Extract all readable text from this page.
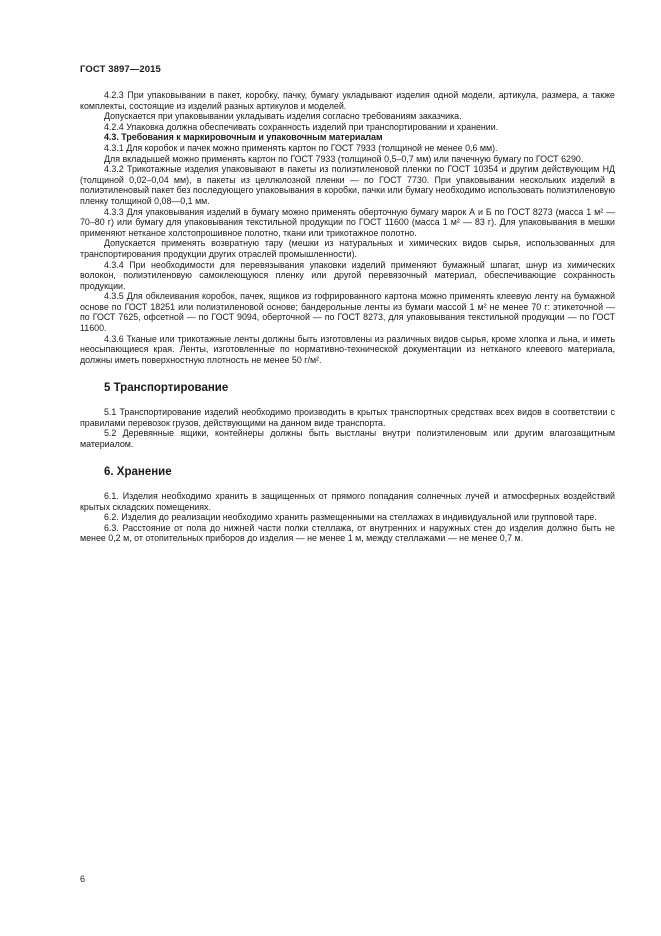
ГОСТ 3897—2015

4.2.3 При упаковывании в пакет, коробку, пачку, бумагу укладывают изделия одной модели, артикула, размера, а также комплекты, состоящие из изделий разных артикулов и моделей.

Допускается при упаковывании укладывать изделия согласно требованиям заказчика.

4.2.4 Упаковка должна обеспечивать сохранность изделий при транспортировании и хранении.

4.3. Требования к маркировочным и упаковочным материалам

4.3.1 Для коробок и пачек можно применять картон по ГОСТ 7933 (толщиной не менее 0,6 мм).

Для вкладышей можно применять картон по ГОСТ 7933 (толщиной 0,5–0,7 мм) или пачечную бумагу по ГОСТ 6290.

4.3.2 Трикотажные изделия упаковывают в пакеты из полиэтиленовой пленки по ГОСТ 10354 и другим действующим НД (толщиной 0,02–0,04 мм), в пакеты из целлюлозной пленки — по ГОСТ 7730. При упаковывании нескольких изделий в полиэтиленовый пакет без последующего упаковывания в коробки, пачки или бумагу необходимо использовать полиэтиленовую пленку толщиной 0,08—0,1 мм.

4.3.3 Для упаковывания изделий в бумагу можно применять оберточную бумагу марок А и Б по ГОСТ 8273 (масса 1 м² — 70–80 г) или бумагу для упаковывания текстильной продукции по ГОСТ 11600 (масса 1 м² — 83 г). Для упаковывания в мешки применяют нетканое холстопрошивное полотно, ткани или трикотажное полотно.

Допускается применять возвратную тару (мешки из натуральных и химических видов сырья, использованных для транспортирования продукции других отраслей промышленности).

4.3.4 При необходимости для перевязывания упаковки изделий применяют бумажный шпагат, шнур из химических волокон, полиэтиленовую самоклеющуюся пленку или другой перевязочный материал, обеспечивающие сохранность продукции.

4.3.5 Для обклеивания коробок, пачек, ящиков из гофрированного картона можно применять клеевую ленту на бумажной основе по ГОСТ 18251 или полиэтиленовой основе; бандерольные ленты из бумаги массой 1 м² не менее 70 г: этикеточной — по ГОСТ 7625, офсетной — по ГОСТ 9094, оберточной — по ГОСТ 8273, для упаковывания текстильной продукции — по ГОСТ 11600.

4.3.6 Тканые или трикотажные ленты должны быть изготовлены из различных видов сырья, кроме хлопка и льна, и иметь неосыпающиеся края. Ленты, изготовленные по нормативно-технической документации из нетканого клеевого материала, должны иметь поверхностную плотность не менее 50 г/м².

5 Транспортирование

5.1 Транспортирование изделий необходимо производить в крытых транспортных средствах всех видов в соответствии с правилами перевозок грузов, действующими на данном виде транспорта.

5.2 Деревянные ящики, контейнеры должны быть выстланы внутри полиэтиленовым или другим влагозащитным материалом.

6. Хранение

6.1. Изделия необходимо хранить в защищенных от прямого попадания солнечных лучей и атмосферных воздействий крытых складских помещениях.

6.2. Изделия до реализации необходимо хранить размещенными на стеллажах в индивидуальной или групповой таре.

6.3. Расстояние от пола до нижней части полки стеллажа, от внутренних и наружных стен до изделия должно быть не менее 0,2 м, от отопительных приборов до изделия — не менее 1 м, между стеллажами — не менее 0,7 м.

6
